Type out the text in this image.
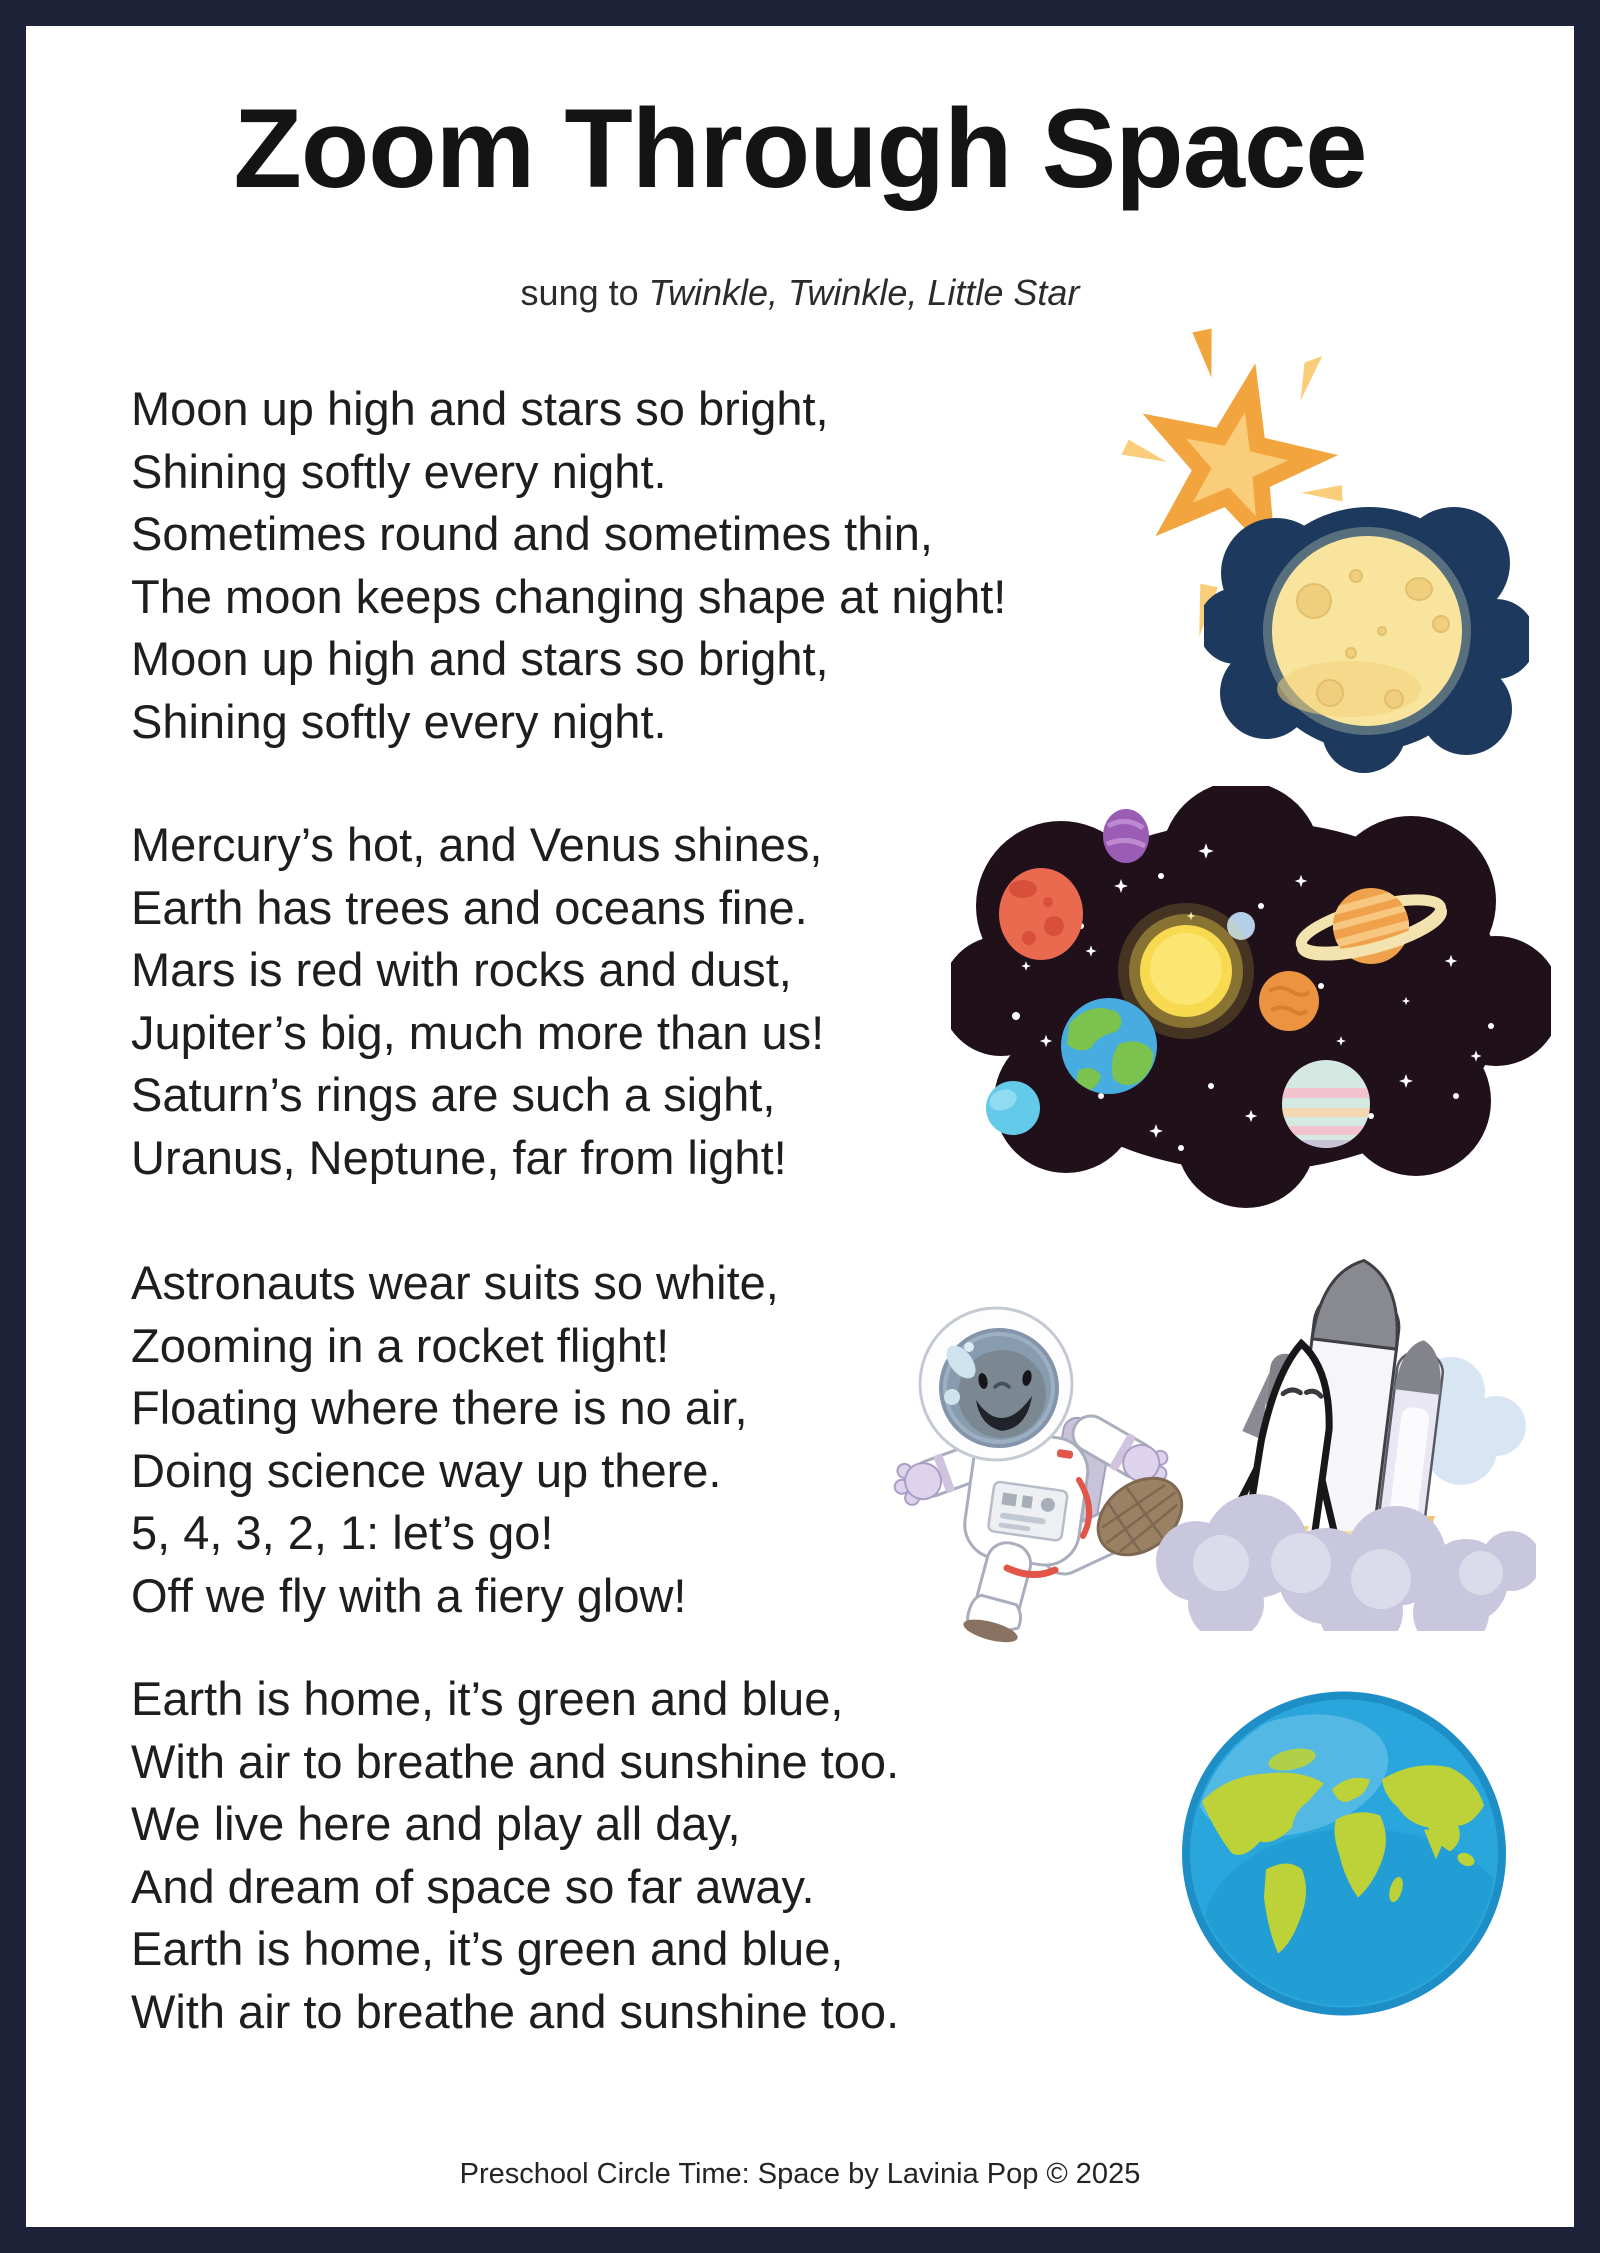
Zoom Through Space

sung to Twinkle, Twinkle, Little Star

Moon up high and stars so bright,
Shining softly every night.
Sometimes round and sometimes thin,
The moon keeps changing shape at night!
Moon up high and stars so bright,
Shining softly every night.
Mercury’s hot, and Venus shines,
Earth has trees and oceans fine.
Mars is red with rocks and dust,
Jupiter’s big, much more than us!
Saturn’s rings are such a sight,
Uranus, Neptune, far from light!
Astronauts wear suits so white,
Zooming in a rocket flight!
Floating where there is no air,
Doing science way up there.
5, 4, 3, 2, 1: let’s go!
Off we fly with a fiery glow!
Earth is home, it’s green and blue,
With air to breathe and sunshine too.
We live here and play all day,
And dream of space so far away.
Earth is home, it’s green and blue,
With air to breathe and sunshine too.

Preschool Circle Time: Space by Lavinia Pop © 2025
